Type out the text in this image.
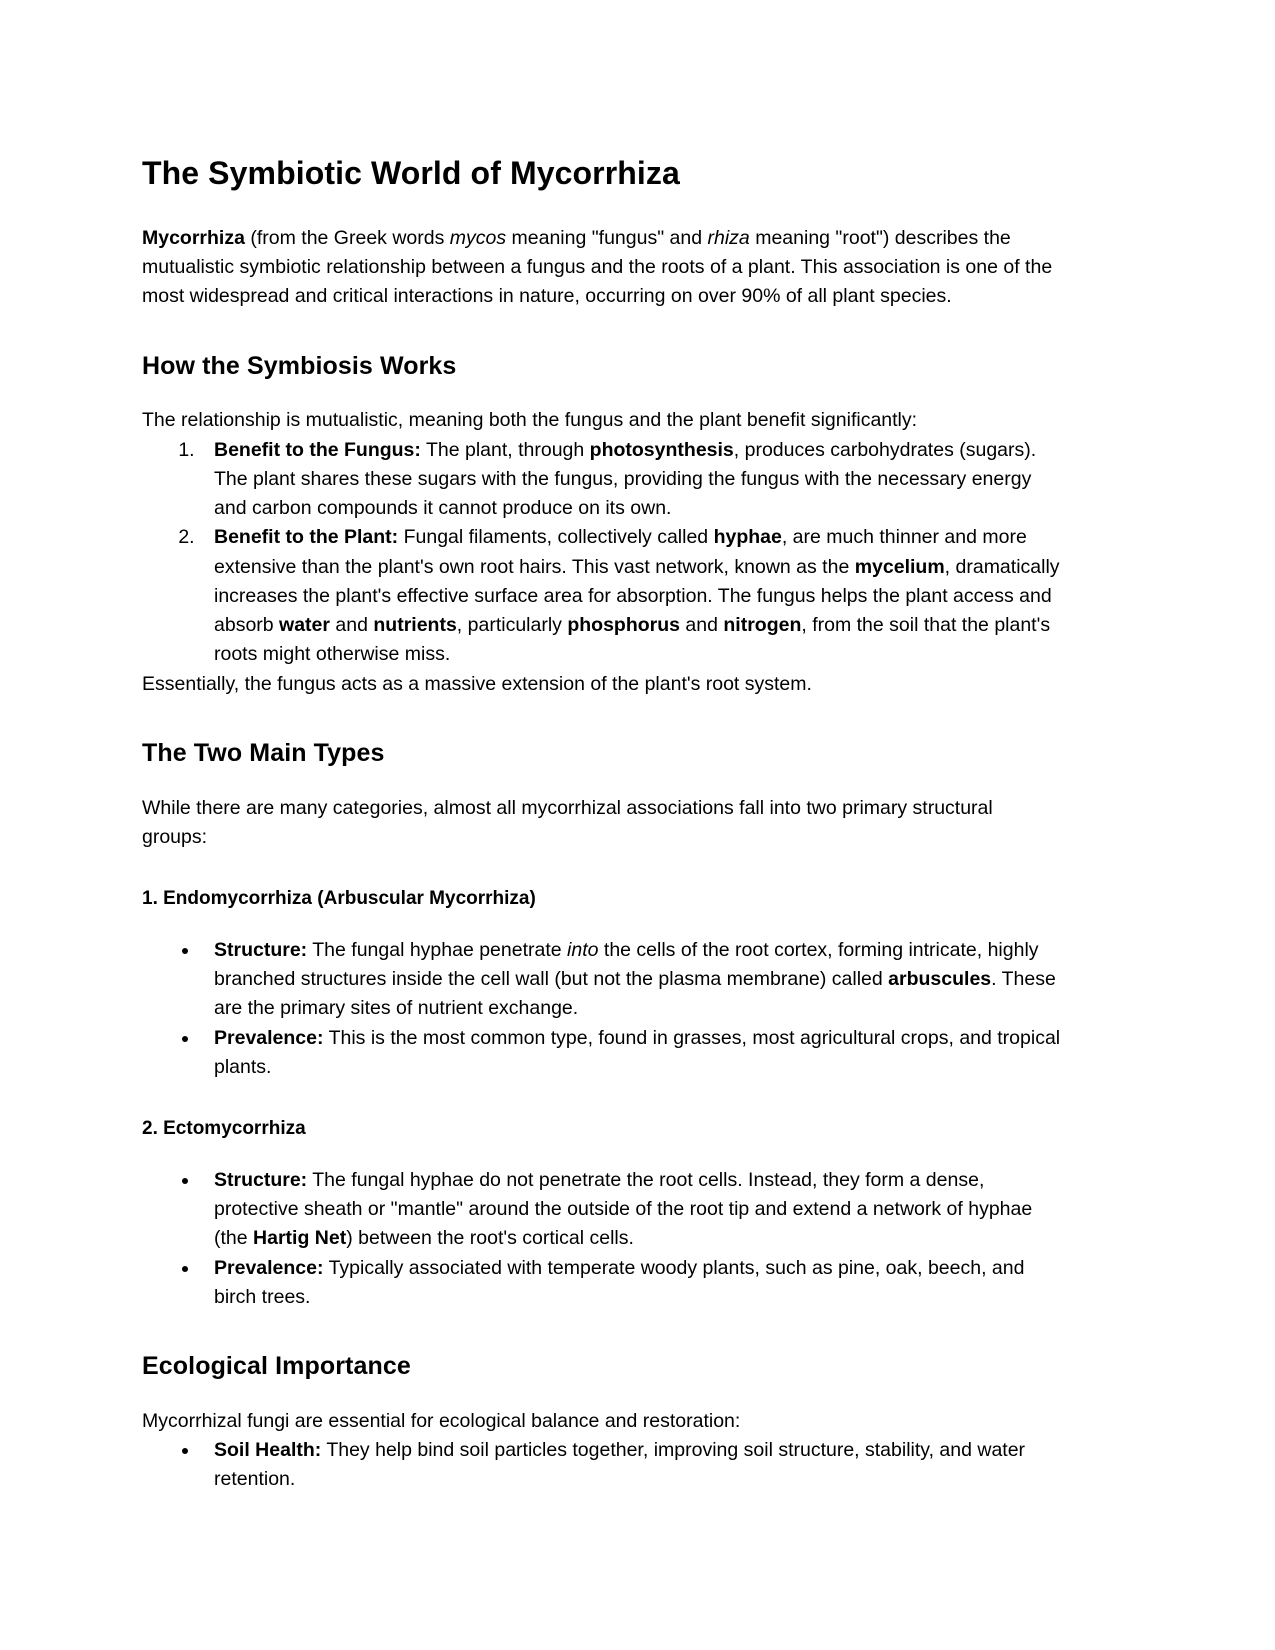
The Symbiotic World of Mycorrhiza

Mycorrhiza (from the Greek words mycos meaning "fungus" and rhiza meaning "root") describes the mutualistic symbiotic relationship between a fungus and the roots of a plant. This association is one of the most widespread and critical interactions in nature, occurring on over 90% of all plant species.

How the Symbiosis Works

The relationship is mutualistic, meaning both the fungus and the plant benefit significantly:

1. Benefit to the Fungus: The plant, through photosynthesis, produces carbohydrates (sugars). The plant shares these sugars with the fungus, providing the fungus with the necessary energy and carbon compounds it cannot produce on its own.
2. Benefit to the Plant: Fungal filaments, collectively called hyphae, are much thinner and more extensive than the plant's own root hairs. This vast network, known as the mycelium, dramatically increases the plant's effective surface area for absorption. The fungus helps the plant access and absorb water and nutrients, particularly phosphorus and nitrogen, from the soil that the plant's roots might otherwise miss.

Essentially, the fungus acts as a massive extension of the plant's root system.

The Two Main Types

While there are many categories, almost all mycorrhizal associations fall into two primary structural groups:

1. Endomycorrhiza (Arbuscular Mycorrhiza)
• Structure: The fungal hyphae penetrate into the cells of the root cortex, forming intricate, highly branched structures inside the cell wall (but not the plasma membrane) called arbuscules. These are the primary sites of nutrient exchange.
• Prevalence: This is the most common type, found in grasses, most agricultural crops, and tropical plants.
2. Ectomycorrhiza
• Structure: The fungal hyphae do not penetrate the root cells. Instead, they form a dense, protective sheath or "mantle" around the outside of the root tip and extend a network of hyphae (the Hartig Net) between the root's cortical cells.
• Prevalence: Typically associated with temperate woody plants, such as pine, oak, beech, and birch trees.
Ecological Importance

Mycorrhizal fungi are essential for ecological balance and restoration:

• Soil Health: They help bind soil particles together, improving soil structure, stability, and water retention.
